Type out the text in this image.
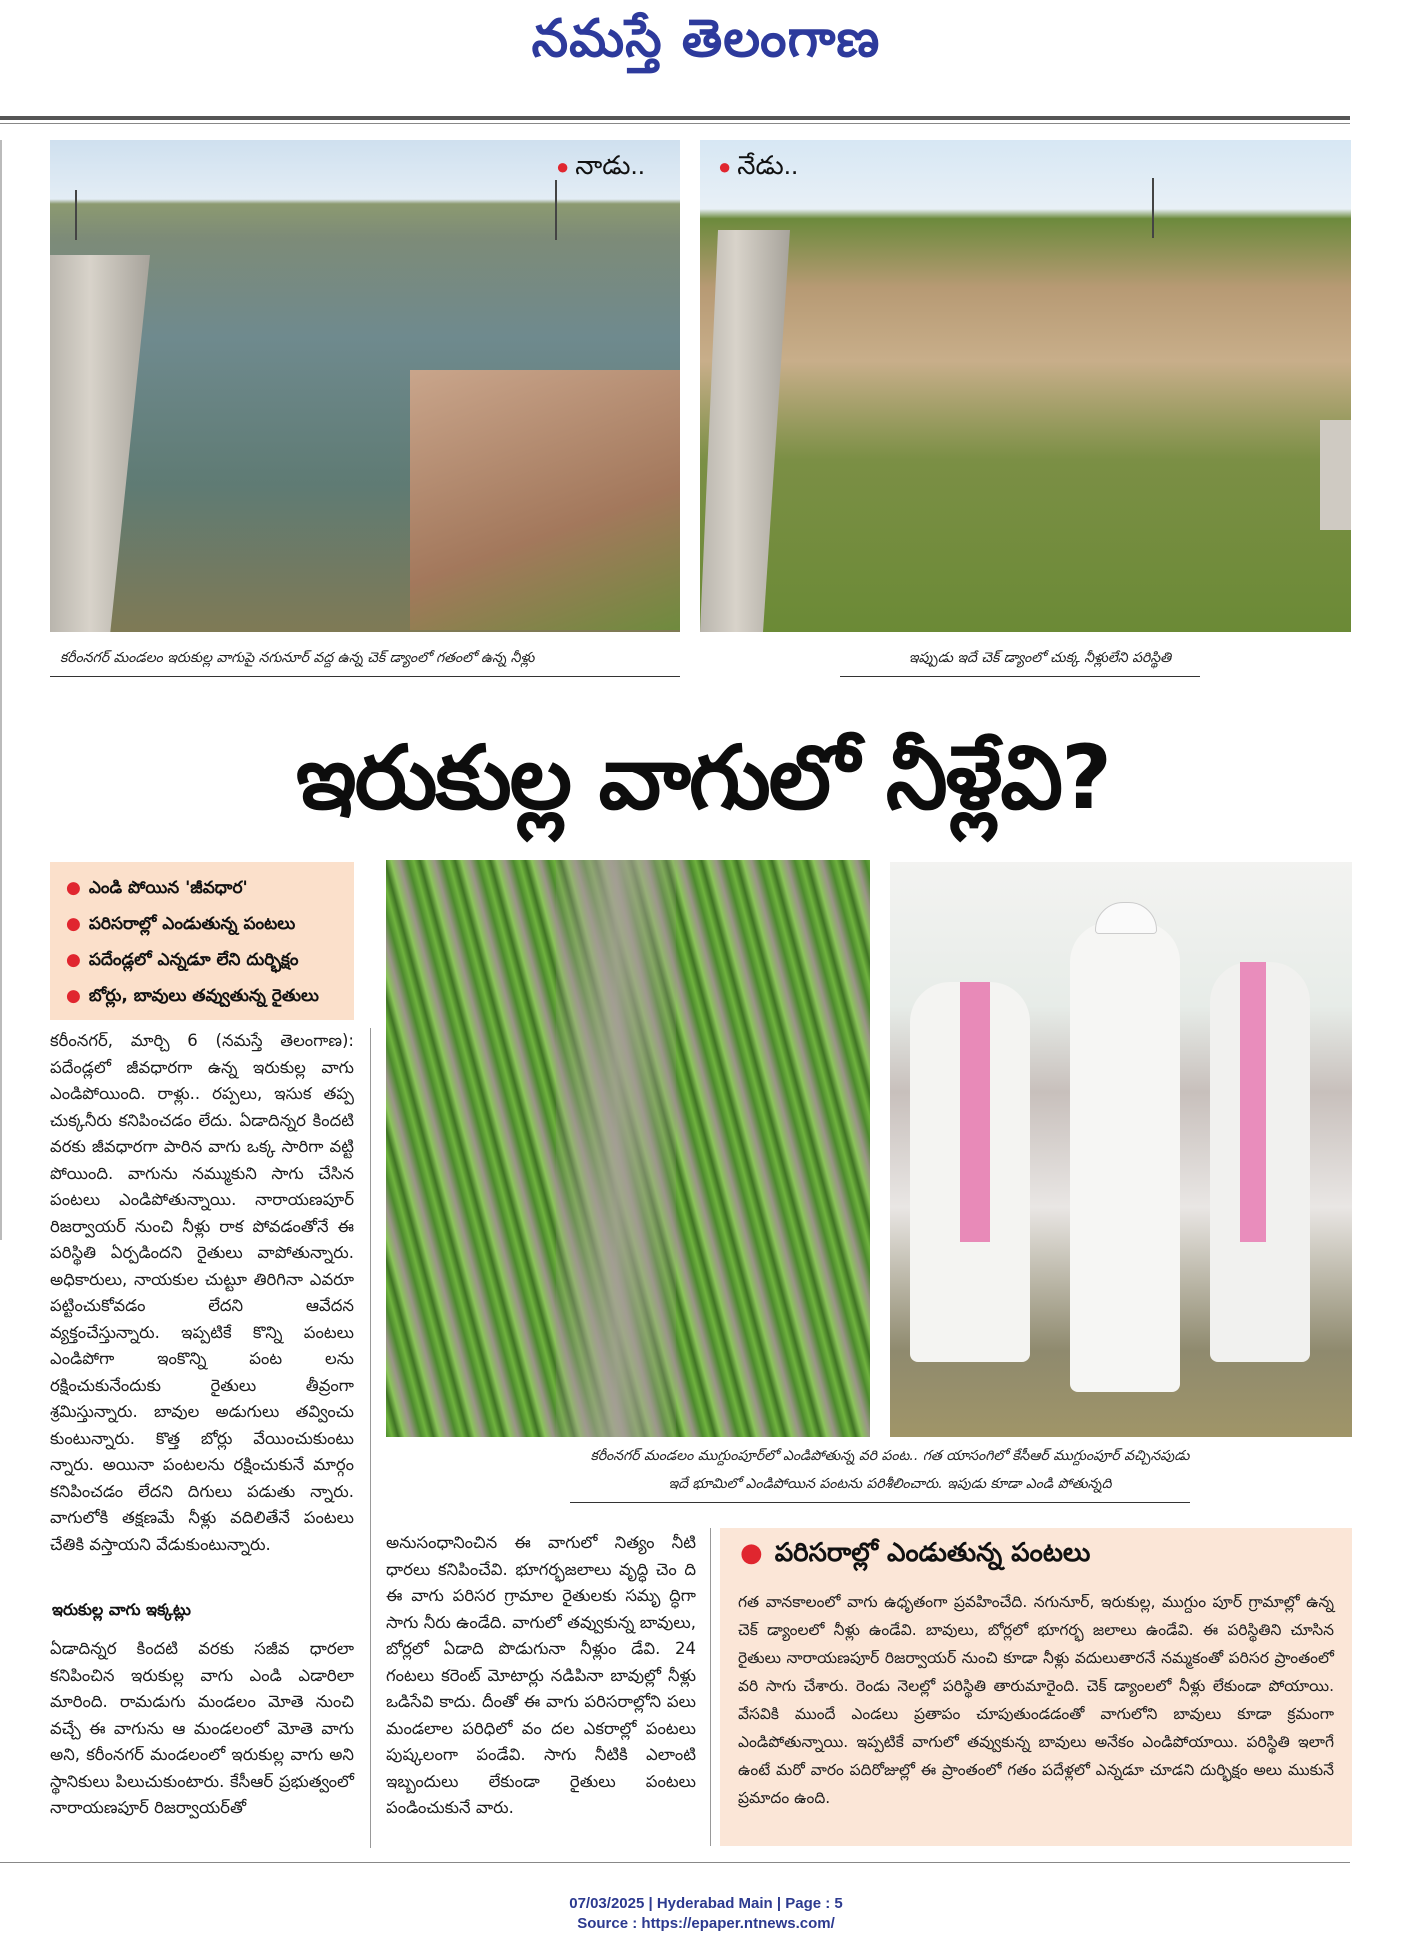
నమస్తే తెలంగాణ
● నాడు..	● నేడు..
కరీంనగర్ మండలం ఇరుకుల్ల వాగుపై నగునూర్ వద్ద ఉన్న చెక్ డ్యాంలో గతంలో ఉన్న నీళ్లు	ఇప్పుడు ఇదే చెక్ డ్యాంలో చుక్క నీళ్లులేని పరిస్థితి
ఇరుకుల్ల వాగులో నీళ్లేవి?
● ఎండి పోయిన 'జీవధార'
● పరిసరాల్లో ఎండుతున్న పంటలు
● పదేండ్లలో ఎన్నడూ లేని దుర్భిక్షం
● బోర్లు, బావులు తవ్వుతున్న రైతులు
కరీంనగర్, మార్చి 6 (నమస్తే తెలంగాణ): పదేండ్లలో జీవధారగా ఉన్న ఇరుకుల్ల వాగు ఎండిపోయింది. రాళ్లు.. రప్పలు, ఇసుక తప్ప చుక్కనీరు కనిపించడం లేదు. ఏడాదిన్నర కిందటి వరకు జీవధారగా పారిన వాగు ఒక్క సారిగా వట్టి పోయింది. వాగును నమ్ముకుని సాగు చేసిన పంటలు ఎండిపోతున్నాయి. నారాయణపూర్ రిజర్వాయర్ నుంచి నీళ్లు రాక పోవడంతోనే ఈ పరిస్థితి ఏర్పడిందని రైతులు వాపోతున్నారు. అధికారులు, నాయకుల చుట్టూ తిరిగినా ఎవరూ పట్టించుకోవడం లేదని ఆవేదన వ్యక్తంచేస్తున్నారు. ఇప్పటికే కొన్ని పంటలు ఎండిపోగా ఇంకొన్ని పంట లను రక్షించుకునేందుకు రైతులు తీవ్రంగా శ్రమిస్తున్నారు. బావుల అడుగులు తవ్వించు కుంటున్నారు. కొత్త బోర్లు వేయించుకుంటు న్నారు. అయినా పంటలను రక్షించుకునే మార్గం కనిపించడం లేదని దిగులు పడుతు న్నారు. వాగులోకి తక్షణమే నీళ్లు వదిలితేనే పంటలు చేతికి వస్తాయని వేడుకుంటున్నారు.
ఇరుకుల్ల వాగు ఇక్కట్లు
ఏడాదిన్నర కిందటి వరకు సజీవ ధారలా కనిపించిన ఇరుకుల్ల వాగు ఎండి ఎడారిలా మారింది. రామడుగు మండలం మోతె నుంచి వచ్చే ఈ వాగును ఆ మండలంలో మోతె వాగు అని, కరీంనగర్ మండలంలో ఇరుకుల్ల వాగు అని స్థానికులు పిలుచుకుంటారు. కేసీఆర్ ప్రభుత్వంలో నారాయణపూర్ రిజర్వాయర్‌తో
కరీంనగర్ మండలం ముగ్దుంపూర్‌లో ఎండిపోతున్న వరి పంట.. గత యాసంగిలో కేసీఆర్ ముగ్దుంపూర్ వచ్చినపుడు
ఇదే భూమిలో ఎండిపోయిన పంటను పరిశీలించారు. ఇపుడు కూడా ఎండి పోతున్నది
అనుసంధానించిన ఈ వాగులో నిత్యం నీటి ధారలు కనిపించేవి. భూగర్భజలాలు వృద్ధి చెం ది ఈ వాగు పరిసర గ్రామాల రైతులకు సమృ ద్ధిగా సాగు నీరు ఉండేది. వాగులో తవ్వుకున్న బావులు, బోర్లలో ఏడాది పొడుగునా నీళ్లుం డేవి. 24 గంటలు కరెంట్ మోటార్లు నడిపినా బావుల్లో నీళ్లు ఒడిసేవి కాదు. దీంతో ఈ వాగు పరిసరాల్లోని పలు మండలాల పరిధిలో వం దల ఎకరాల్లో పంటలు పుష్కలంగా పండేవి. సాగు నీటికి ఎలాంటి ఇబ్బందులు లేకుండా రైతులు పంటలు పండించుకునే వారు.
● పరిసరాల్లో ఎండుతున్న పంటలు
గత వానకాలంలో వాగు ఉధృతంగా ప్రవహించేది. నగునూర్, ఇరుకుల్ల, ముగ్దుం పూర్ గ్రామాల్లో ఉన్న చెక్ డ్యాంలలో నీళ్లు ఉండేవి. బావులు, బోర్లలో భూగర్భ జలాలు ఉండేవి. ఈ పరిస్థితిని చూసిన రైతులు నారాయణపూర్ రిజర్వాయర్ నుంచి కూడా నీళ్లు వదులుతారనే నమ్మకంతో పరిసర ప్రాంతంలో వరి సాగు చేశారు. రెండు నెలల్లో పరిస్థితి తారుమారైంది. చెక్ డ్యాంలలో నీళ్లు లేకుండా పోయాయి. వేసవికి ముందే ఎండలు ప్రతాపం చూపుతుండడంతో వాగులోని బావులు కూడా క్రమంగా ఎండిపోతున్నాయి. ఇప్పటికే వాగులో తవ్వుకున్న బావులు అనేకం ఎండిపోయాయి. పరిస్థితి ఇలాగే ఉంటే మరో వారం పదిరోజుల్లో ఈ ప్రాంతంలో గతం పదేళ్లలో ఎన్నడూ చూడని దుర్భిక్షం అలు ముకునే ప్రమాదం ఉంది.
07/03/2025 | Hyderabad Main | Page : 5
Source : https://epaper.ntnews.com/
